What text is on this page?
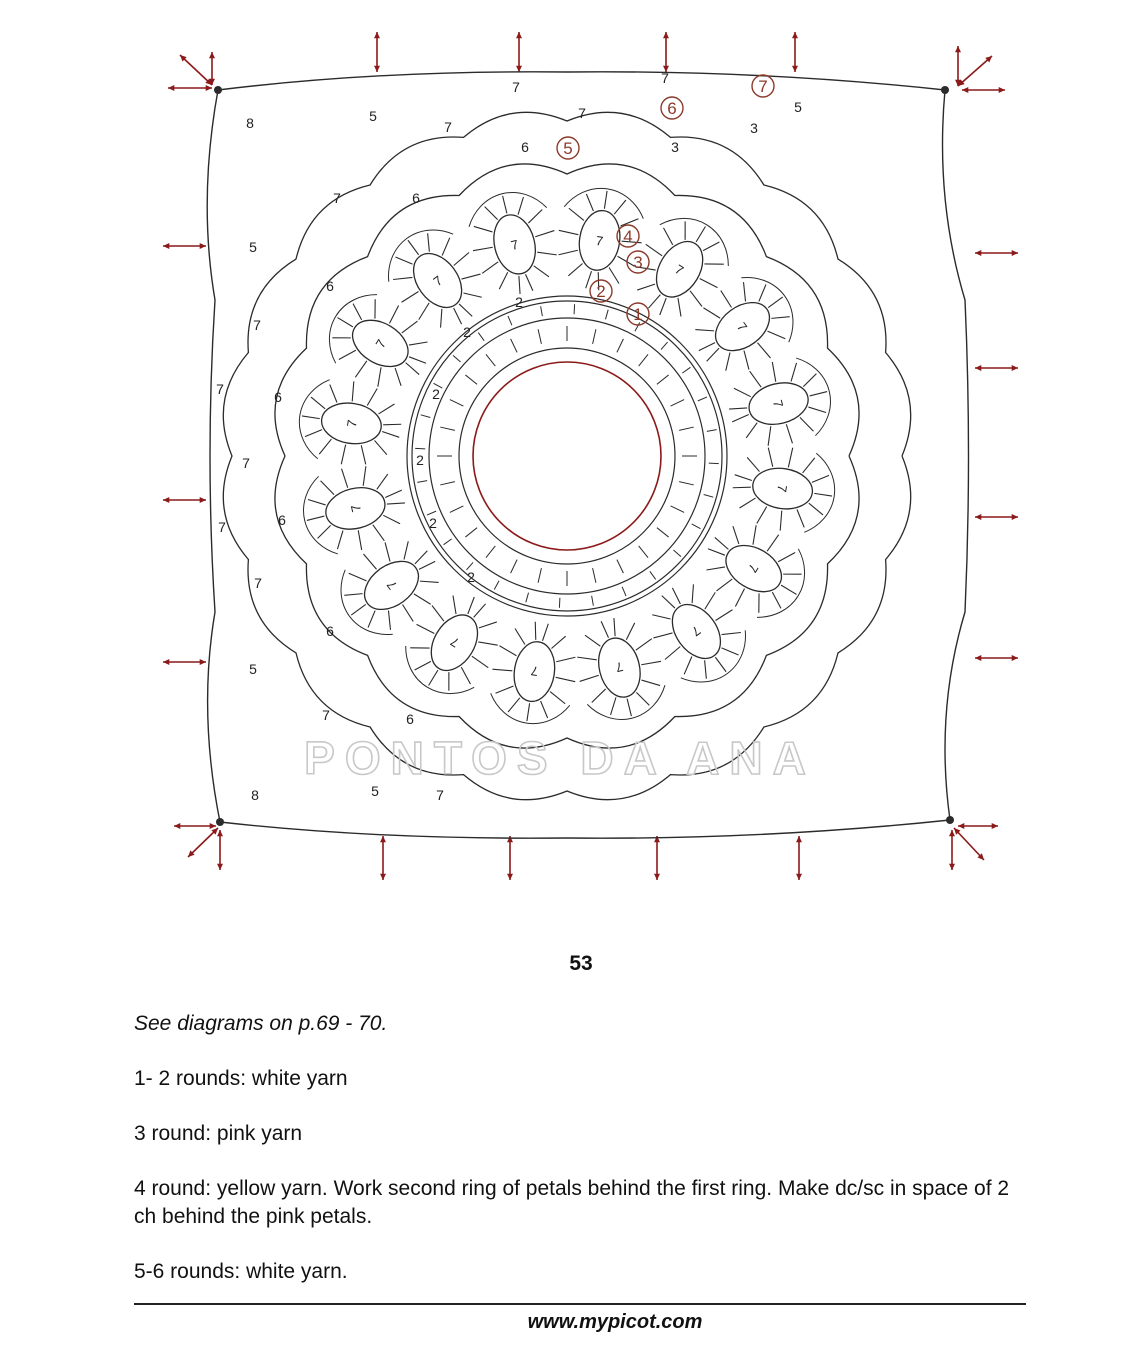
7
7
7
7
7
7
7
7
7
7
7
7
7
7
7
7
8	5
7
7
7
6
7
3
3
5
7	6
5
6
7
7	6
7
6
7
7
6
5
7	6
8	5	7
2
2
2
2
2
2
1
2
3
4
5
6
7
PONTOS DA ANA
53

See diagrams on p.69 - 70.

1- 2 rounds: white yarn

3 round: pink yarn

4 round: yellow yarn. Work second ring of petals behind the first ring. Make dc/sc in space of 2 ch behind the pink petals.

5-6 rounds: white yarn.

www.mypicot.com
